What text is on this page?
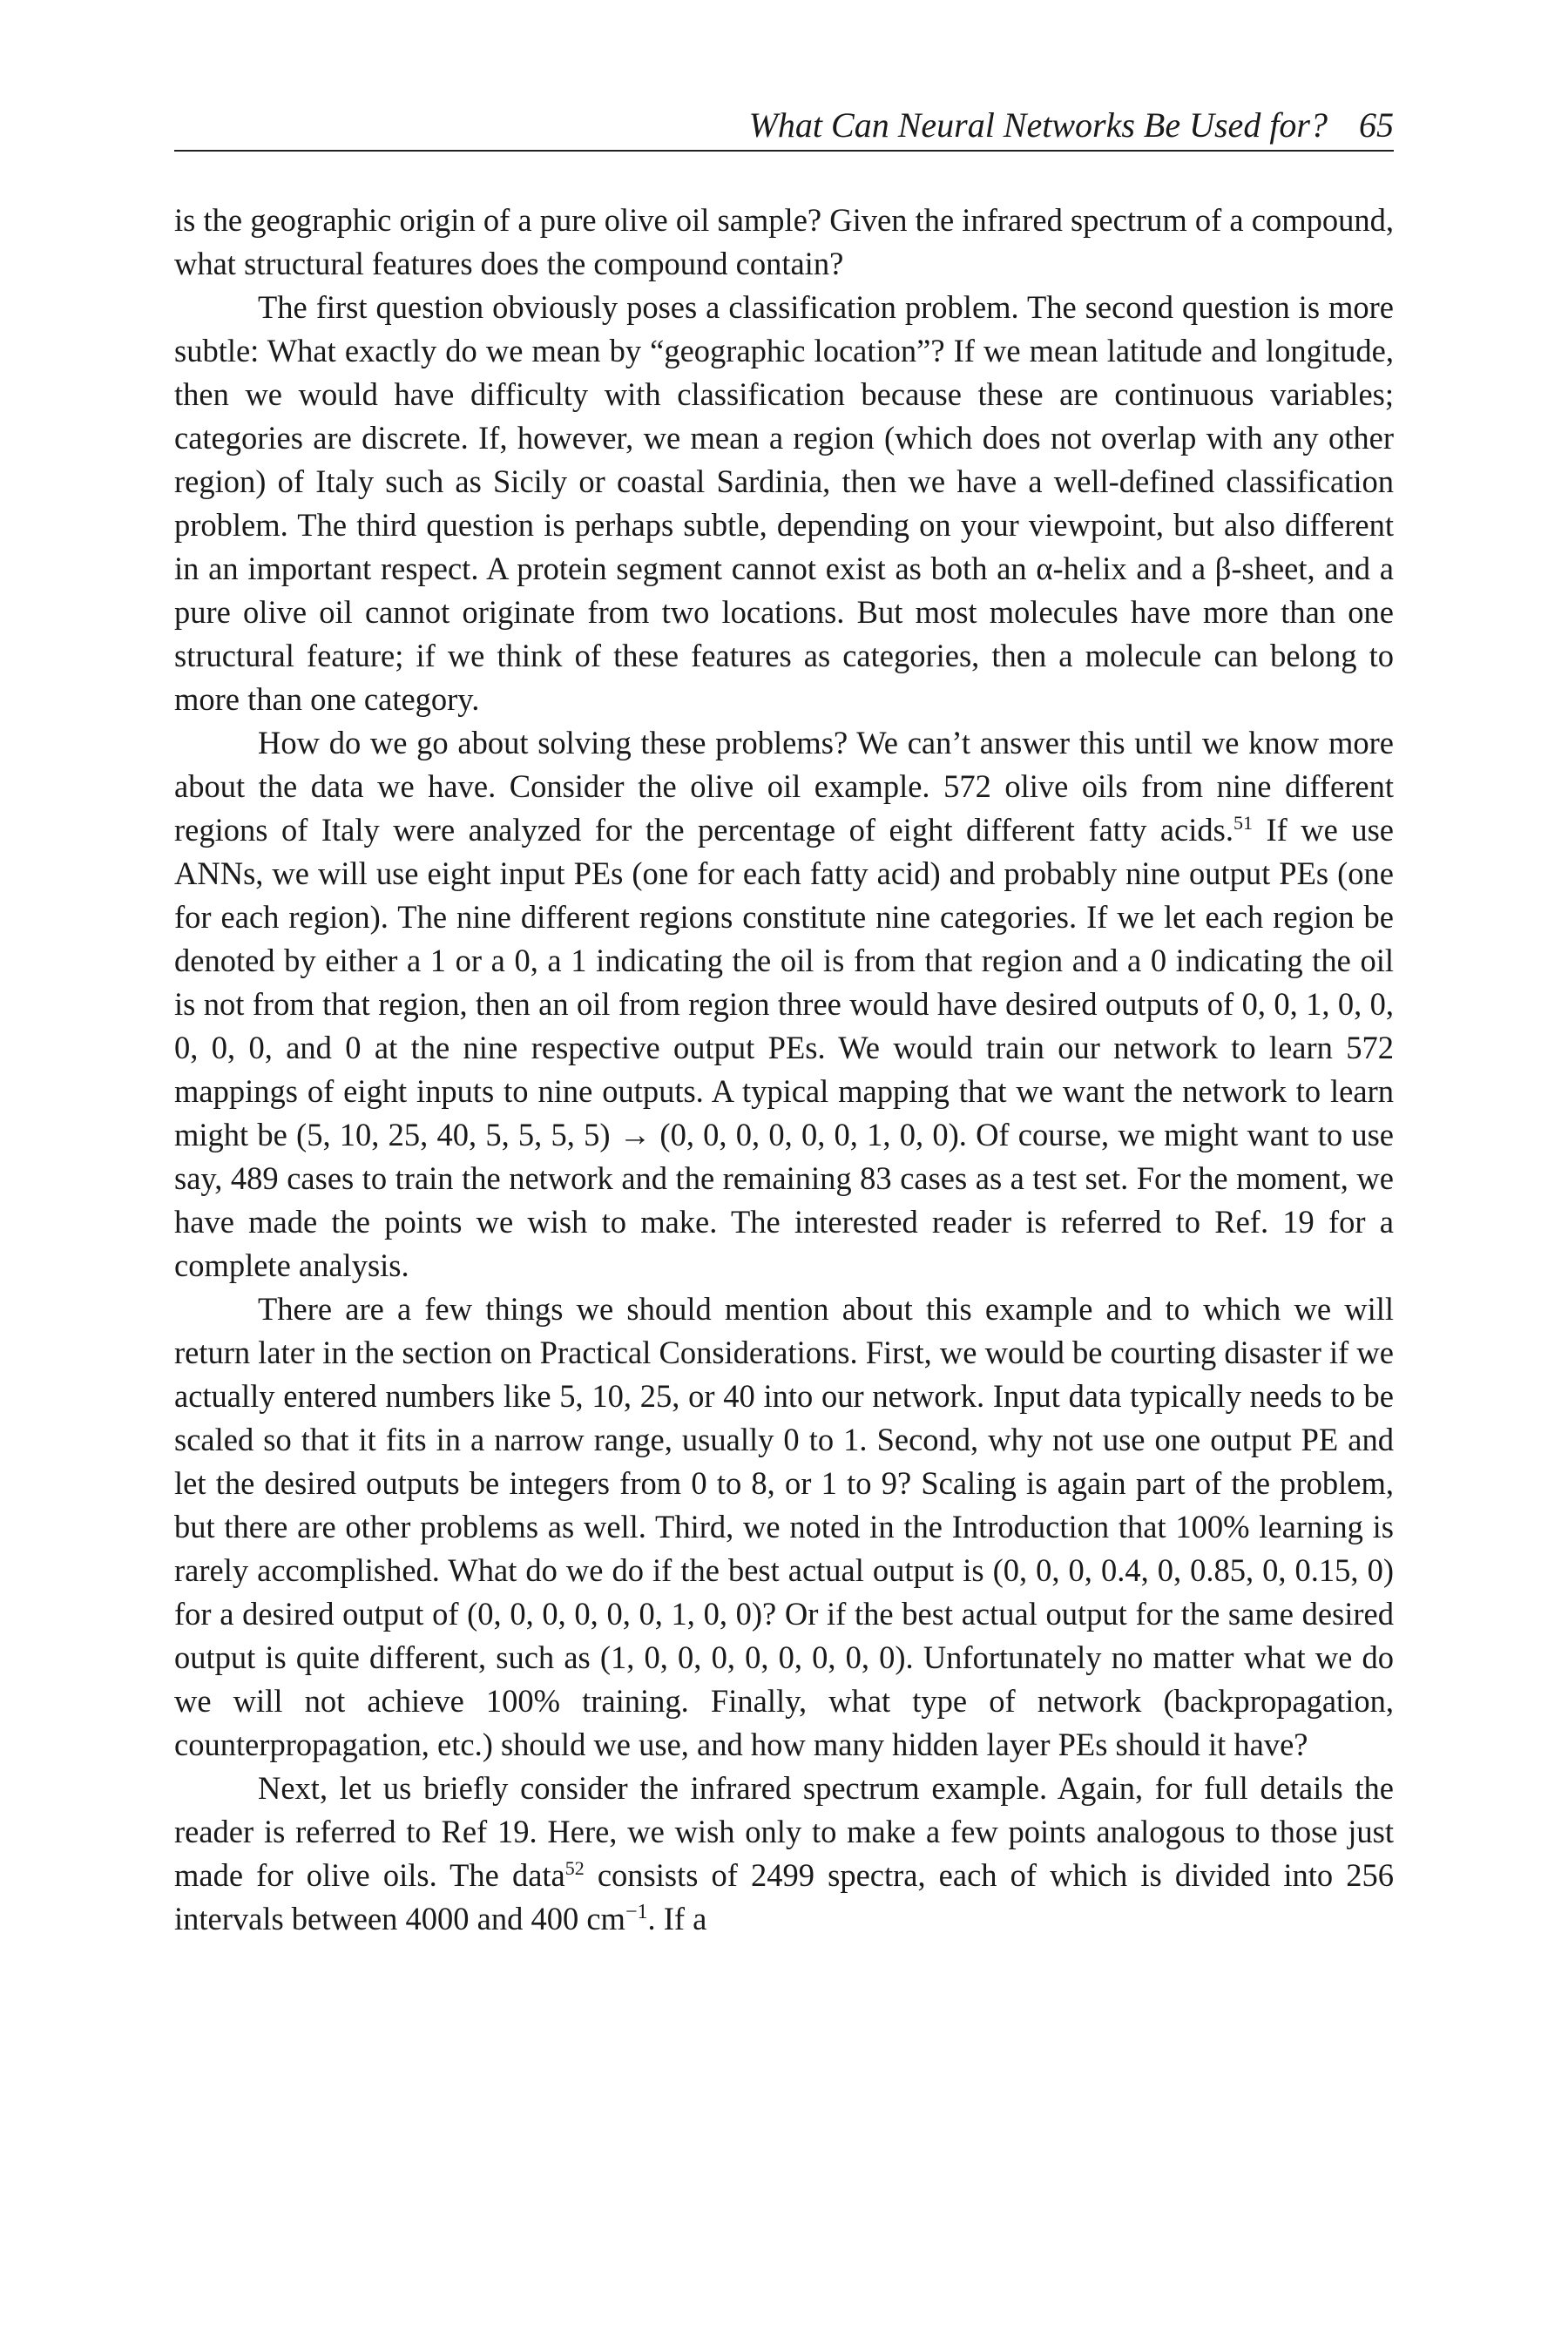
What Can Neural Networks Be Used for? 65

is the geographic origin of a pure olive oil sample? Given the infrared spectrum of a compound, what structural features does the compound contain?

The first question obviously poses a classification problem. The second question is more subtle: What exactly do we mean by “geographic location”? If we mean latitude and longitude, then we would have difficulty with classification because these are continuous variables; categories are discrete. If, however, we mean a region (which does not overlap with any other region) of Italy such as Sicily or coastal Sardinia, then we have a well-defined classification problem. The third question is perhaps subtle, depending on your viewpoint, but also different in an important respect. A protein segment cannot exist as both an α-helix and a β-sheet, and a pure olive oil cannot originate from two locations. But most molecules have more than one structural feature; if we think of these features as categories, then a molecule can belong to more than one category.

How do we go about solving these problems? We can’t answer this until we know more about the data we have. Consider the olive oil example. 572 olive oils from nine different regions of Italy were analyzed for the percentage of eight different fatty acids.$^{51}$ If we use ANNs, we will use eight input PEs (one for each fatty acid) and probably nine output PEs (one for each region). The nine different regions constitute nine categories. If we let each region be denoted by either a 1 or a 0, a 1 indicating the oil is from that region and a 0 indicating the oil is not from that region, then an oil from region three would have desired outputs of 0, 0, 1, 0, 0, 0, 0, 0, and 0 at the nine respective output PEs. We would train our network to learn 572 mappings of eight inputs to nine outputs. A typical mapping that we want the network to learn might be (5, 10, 25, 40, 5, 5, 5, 5) → (0, 0, 0, 0, 0, 0, 1, 0, 0). Of course, we might want to use say, 489 cases to train the network and the remaining 83 cases as a test set. For the moment, we have made the points we wish to make. The interested reader is referred to Ref. 19 for a complete analysis.

There are a few things we should mention about this example and to which we will return later in the section on Practical Considerations. First, we would be courting disaster if we actually entered numbers like 5, 10, 25, or 40 into our network. Input data typically needs to be scaled so that it fits in a narrow range, usually 0 to 1. Second, why not use one output PE and let the desired outputs be integers from 0 to 8, or 1 to 9? Scaling is again part of the problem, but there are other problems as well. Third, we noted in the Introduction that 100% learning is rarely accomplished. What do we do if the best actual output is (0, 0, 0, 0.4, 0, 0.85, 0, 0.15, 0) for a desired output of (0, 0, 0, 0, 0, 0, 1, 0, 0)? Or if the best actual output for the same desired output is quite different, such as (1, 0, 0, 0, 0, 0, 0, 0, 0). Unfortunately no matter what we do we will not achieve 100% training. Finally, what type of network (backpropagation, counterpropagation, etc.) should we use, and how many hidden layer PEs should it have?

Next, let us briefly consider the infrared spectrum example. Again, for full details the reader is referred to Ref 19. Here, we wish only to make a few points analogous to those just made for olive oils. The data$^{52}$ consists of 2499 spectra, each of which is divided into 256 intervals between 4000 and 400 $cm^{-1}$. If a
